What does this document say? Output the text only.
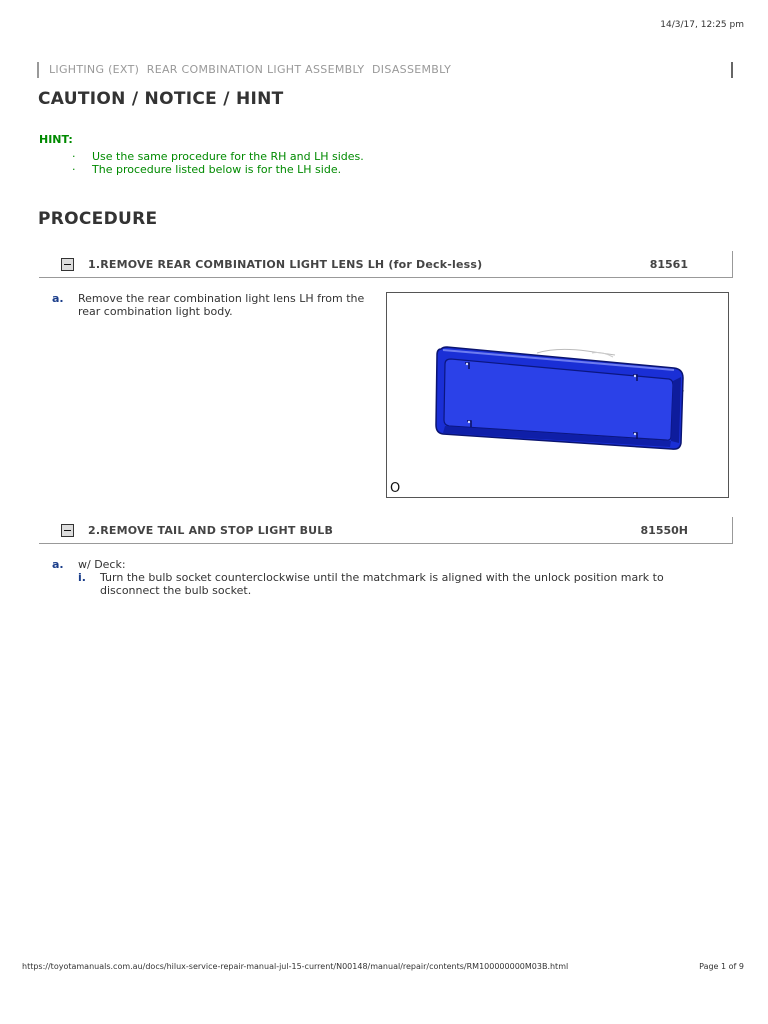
14/3/17, 12:25 pm
LIGHTING (EXT)  REAR COMBINATION LIGHT ASSEMBLY  DISASSEMBLY
CAUTION / NOTICE / HINT
HINT:
· Use the same procedure for the RH and LH sides.
· The procedure listed below is for the LH side.
PROCEDURE
1.REMOVE REAR COMBINATION LIGHT LENS LH (for Deck-less)	81561
a. Remove the rear combination light lens LH from the rear combination light body.
O
2.REMOVE TAIL AND STOP LIGHT BULB	81550H
a. w/ Deck:
i. Turn the bulb socket counterclockwise until the matchmark is aligned with the unlock position mark to disconnect the bulb socket.
https://toyotamanuals.com.au/docs/hilux-service-repair-manual-jul-15-current/N00148/manual/repair/contents/RM100000000M03B.html	Page 1 of 9
